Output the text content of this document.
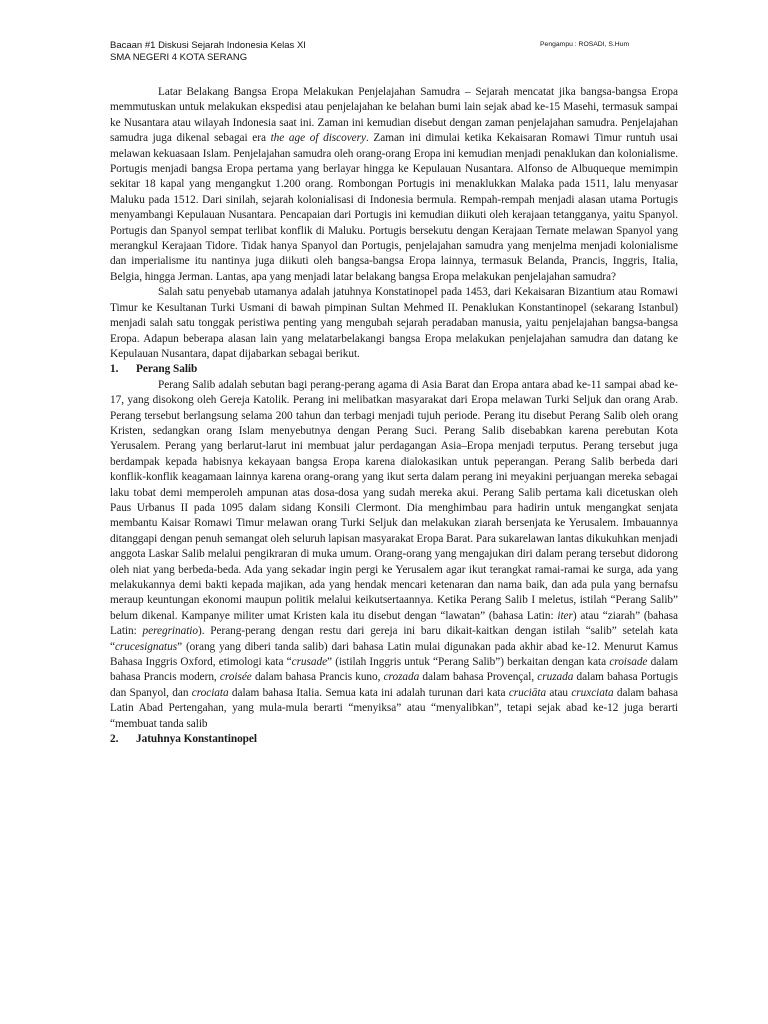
Bacaan #1 Diskusi Sejarah Indonesia Kelas XI
SMA NEGERI 4 KOTA SERANG
Pengampu : ROSADI, S.Hum

Latar Belakang Bangsa Eropa Melakukan Penjelajahan Samudra – Sejarah mencatat jika bangsa-bangsa Eropa memmutuskan untuk melakukan ekspedisi atau penjelajahan ke belahan bumi lain sejak abad ke-15 Masehi, termasuk sampai ke Nusantara atau wilayah Indonesia saat ini. Zaman ini kemudian disebut dengan zaman penjelajahan samudra. Penjelajahan samudra juga dikenal sebagai era the age of discovery. Zaman ini dimulai ketika Kekaisaran Romawi Timur runtuh usai melawan kekuasaan Islam. Penjelajahan samudra oleh orang-orang Eropa ini kemudian menjadi penaklukan dan kolonialisme. Portugis menjadi bangsa Eropa pertama yang berlayar hingga ke Kepulauan Nusantara. Alfonso de Albuqueque memimpin sekitar 18 kapal yang mengangkut 1.200 orang. Rombongan Portugis ini menaklukkan Malaka pada 1511, lalu menyasar Maluku pada 1512. Dari sinilah, sejarah kolonialisasi di Indonesia bermula. Rempah-rempah menjadi alasan utama Portugis menyambangi Kepulauan Nusantara. Pencapaian dari Portugis ini kemudian diikuti oleh kerajaan tetangganya, yaitu Spanyol. Portugis dan Spanyol sempat terlibat konflik di Maluku. Portugis bersekutu dengan Kerajaan Ternate melawan Spanyol yang merangkul Kerajaan Tidore. Tidak hanya Spanyol dan Portugis, penjelajahan samudra yang menjelma menjadi kolonialisme dan imperialisme itu nantinya juga diikuti oleh bangsa-bangsa Eropa lainnya, termasuk Belanda, Prancis, Inggris, Italia, Belgia, hingga Jerman. Lantas, apa yang menjadi latar belakang bangsa Eropa melakukan penjelajahan samudra?

Salah satu penyebab utamanya adalah jatuhnya Konstatinopel pada 1453, dari Kekaisaran Bizantium atau Romawi Timur ke Kesultanan Turki Usmani di bawah pimpinan Sultan Mehmed II. Penaklukan Konstantinopel (sekarang Istanbul) menjadi salah satu tonggak peristiwa penting yang mengubah sejarah peradaban manusia, yaitu penjelajahan bangsa-bangsa Eropa. Adapun beberapa alasan lain yang melatarbelakangi bangsa Eropa melakukan penjelajahan samudra dan datang ke Kepulauan Nusantara, dapat dijabarkan sebagai berikut.

1. Perang Salib

Perang Salib adalah sebutan bagi perang-perang agama di Asia Barat dan Eropa antara abad ke-11 sampai abad ke-17, yang disokong oleh Gereja Katolik. Perang ini melibatkan masyarakat dari Eropa melawan Turki Seljuk dan orang Arab. Perang tersebut berlangsung selama 200 tahun dan terbagi menjadi tujuh periode. Perang itu disebut Perang Salib oleh orang Kristen, sedangkan orang Islam menyebutnya dengan Perang Suci. Perang Salib disebabkan karena perebutan Kota Yerusalem. Perang yang berlarut-larut ini membuat jalur perdagangan Asia–Eropa menjadi terputus. Perang tersebut juga berdampak kepada habisnya kekayaan bangsa Eropa karena dialokasikan untuk peperangan. Perang Salib berbeda dari konflik-konflik keagamaan lainnya karena orang-orang yang ikut serta dalam perang ini meyakini perjuangan mereka sebagai laku tobat demi memperoleh ampunan atas dosa-dosa yang sudah mereka akui. Perang Salib pertama kali dicetuskan oleh Paus Urbanus II pada 1095 dalam sidang Konsili Clermont. Dia menghimbau para hadirin untuk mengangkat senjata membantu Kaisar Romawi Timur melawan orang Turki Seljuk dan melakukan ziarah bersenjata ke Yerusalem. Imbauannya ditanggapi dengan penuh semangat oleh seluruh lapisan masyarakat Eropa Barat. Para sukarelawan lantas dikukuhkan menjadi anggota Laskar Salib melalui pengikraran di muka umum. Orang-orang yang mengajukan diri dalam perang tersebut didorong oleh niat yang berbeda-beda. Ada yang sekadar ingin pergi ke Yerusalem agar ikut terangkat ramai-ramai ke surga, ada yang melakukannya demi bakti kepada majikan, ada yang hendak mencari ketenaran dan nama baik, dan ada pula yang bernafsu meraup keuntungan ekonomi maupun politik melalui keikutsertaannya. Ketika Perang Salib I meletus, istilah “Perang Salib” belum dikenal. Kampanye militer umat Kristen kala itu disebut dengan “lawatan” (bahasa Latin: iter) atau “ziarah” (bahasa Latin: peregrinatio). Perang-perang dengan restu dari gereja ini baru dikait-kaitkan dengan istilah “salib” setelah kata “crucesignatus” (orang yang diberi tanda salib) dari bahasa Latin mulai digunakan pada akhir abad ke-12. Menurut Kamus Bahasa Inggris Oxford, etimologi kata “crusade” (istilah Inggris untuk “Perang Salib”) berkaitan dengan kata croisade dalam bahasa Prancis modern, croisée dalam bahasa Prancis kuno, crozada dalam bahasa Provençal, cruzada dalam bahasa Portugis dan Spanyol, dan crociata dalam bahasa Italia. Semua kata ini adalah turunan dari kata cruciāta atau cruxciata dalam bahasa Latin Abad Pertengahan, yang mula-mula berarti “menyiksa” atau “menyalibkan”, tetapi sejak abad ke-12 juga berarti “membuat tanda salib

2. Jatuhnya Konstantinopel
